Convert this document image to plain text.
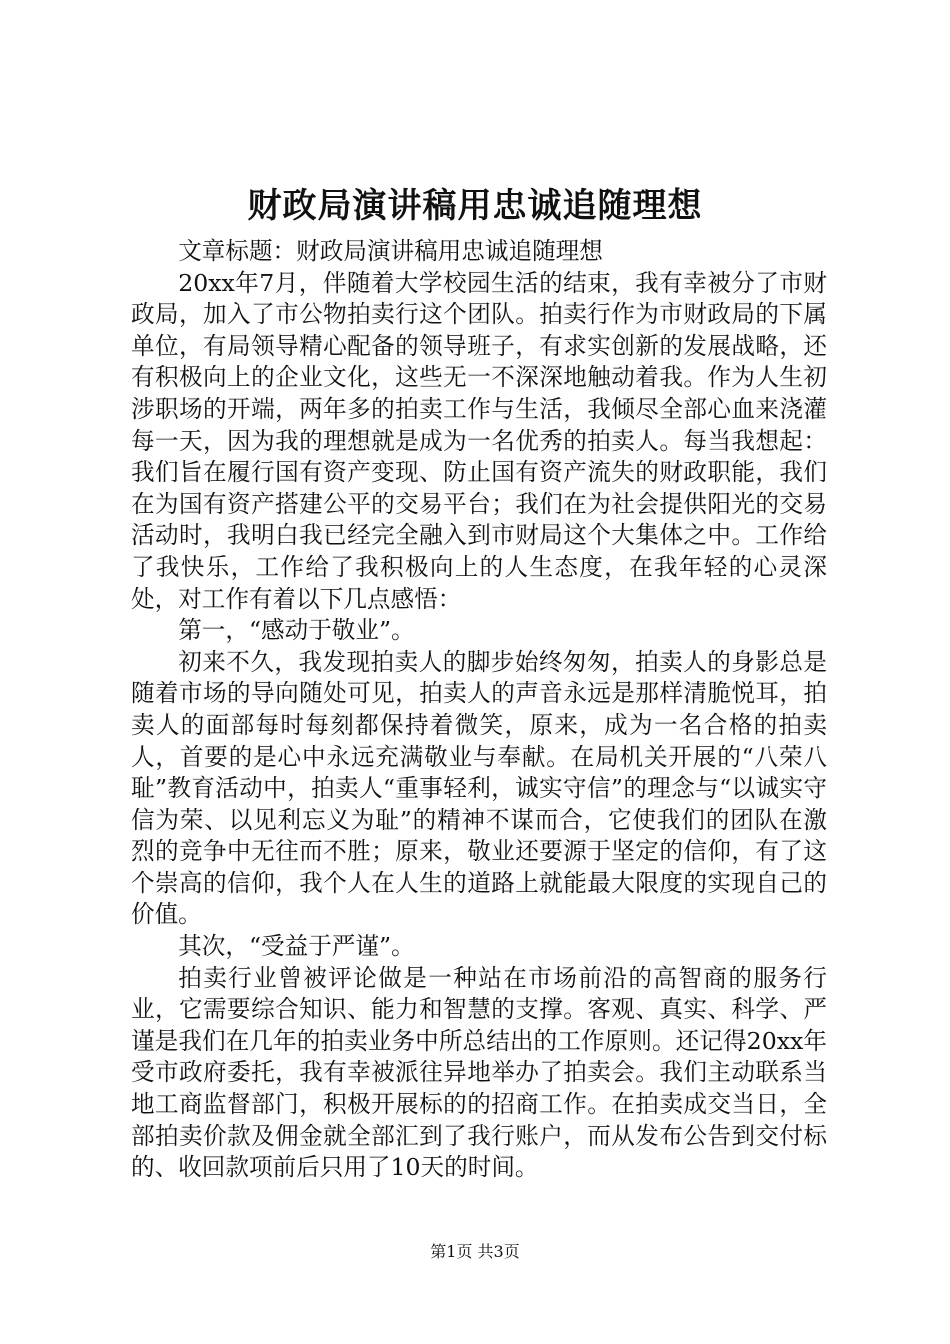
财政局演讲稿用忠诚追随理想

文章标题：财政局演讲稿用忠诚追随理想

20xx年7月，伴随着大学校园生活的结束，我有幸被分了市财政局，加入了市公物拍卖行这个团队。拍卖行作为市财政局的下属单位，有局领导精心配备的领导班子，有求实创新的发展战略，还有积极向上的企业文化，这些无一不深深地触动着我。作为人生初涉职场的开端，两年多的拍卖工作与生活，我倾尽全部心血来浇灌每一天，因为我的理想就是成为一名优秀的拍卖人。每当我想起：我们旨在履行国有资产变现、防止国有资产流失的财政职能，我们在为国有资产搭建公平的交易平台；我们在为社会提供阳光的交易活动时，我明白我已经完全融入到市财局这个大集体之中。工作给了我快乐，工作给了我积极向上的人生态度，在我年轻的心灵深处，对工作有着以下几点感悟：

第一，“感动于敬业”。

初来不久，我发现拍卖人的脚步始终匆匆，拍卖人的身影总是随着市场的导向随处可见，拍卖人的声音永远是那样清脆悦耳，拍卖人的面部每时每刻都保持着微笑，原来，成为一名合格的拍卖人，首要的是心中永远充满敬业与奉献。在局机关开展的“八荣八耻”教育活动中，拍卖人“重事轻利，诚实守信”的理念与“以诚实守信为荣、以见利忘义为耻”的精神不谋而合，它使我们的团队在激烈的竞争中无往而不胜；原来，敬业还要源于坚定的信仰，有了这个崇高的信仰，我个人在人生的道路上就能最大限度的实现自己的价值。

其次，“受益于严谨”。

拍卖行业曾被评论做是一种站在市场前沿的高智商的服务行业，它需要综合知识、能力和智慧的支撑。客观、真实、科学、严谨是我们在几年的拍卖业务中所总结出的工作原则。还记得20xx年受市政府委托，我有幸被派往异地举办了拍卖会。我们主动联系当地工商监督部门，积极开展标的的招商工作。在拍卖成交当日，全部拍卖价款及佣金就全部汇到了我行账户，而从发布公告到交付标的、收回款项前后只用了10天的时间。

第1页 共3页
